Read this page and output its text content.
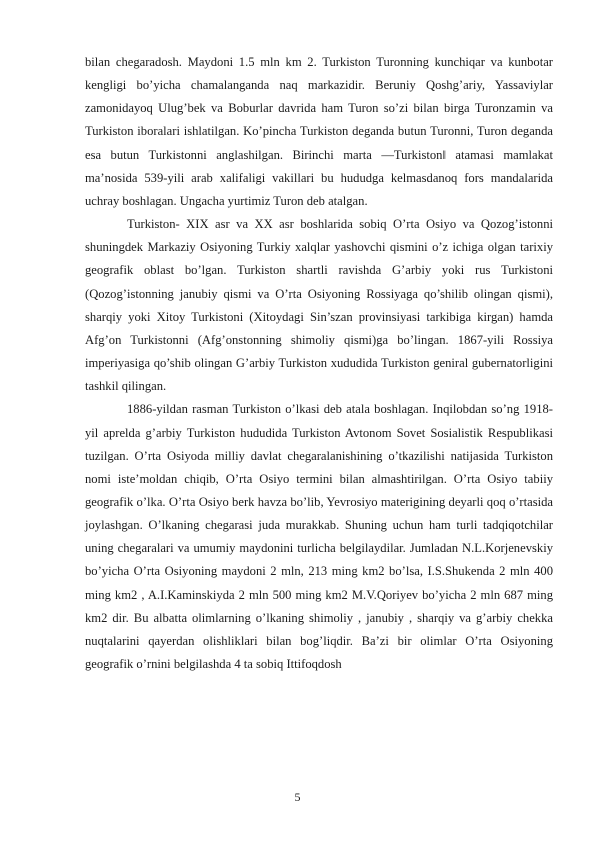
bilan chegaradosh. Maydoni 1.5 mln km 2. Turkiston Turonning kunchiqar va kunbotar kengligi bo’yicha chamalanganda naq markazidir. Beruniy Qoshg’ariy, Yassaviylar zamonidayoq Ulug’bek va Boburlar davrida ham Turon so’zi bilan birga Turonzamin va Turkiston iboralari ishlatilgan. Ko’pincha Turkiston deganda butun Turonni, Turon deganda esa butun Turkistonni anglashilgan. Birinchi marta ―Turkiston‖ atamasi mamlakat ma’nosida 539-yili arab xalifaligi vakillari bu hududga kelmasdanoq fors mandalarida uchray boshlagan. Ungacha yurtimiz Turon deb atalgan.

Turkiston- XIX asr va XX asr boshlarida sobiq O’rta Osiyo va Qozog’istonni shuningdek Markaziy Osiyoning Turkiy xalqlar yashovchi qismini o’z ichiga olgan tarixiy geografik oblast bo’lgan. Turkiston shartli ravishda G’arbiy yoki rus Turkistoni (Qozog’istonning janubiy qismi va O’rta Osiyoning Rossiyaga qo’shilib olingan qismi), sharqiy yoki Xitoy Turkistoni (Xitoydagi Sin’szan provinsiyasi tarkibiga kirgan) hamda Afg’on Turkistonni (Afg’onstonning shimoliy qismi)ga bo’lingan. 1867-yili Rossiya imperiyasiga qo’shib olingan G’arbiy Turkiston xududida Turkiston geniral gubernatorligini tashkil qilingan.

1886-yildan rasman Turkiston o’lkasi deb atala boshlagan. Inqilobdan so’ng 1918-yil aprelda g’arbiy Turkiston hududida Turkiston Avtonom Sovet Sosialistik Respublikasi tuzilgan. O’rta Osiyoda milliy davlat chegaralanishining o’tkazilishi natijasida Turkiston nomi iste’moldan chiqib, O’rta Osiyo termini bilan almashtirilgan. O’rta Osiyo tabiiy geografik o’lka. O’rta Osiyo berk havza bo’lib, Yevrosiyo materigining deyarli qoq o’rtasida joylashgan. O’lkaning chegarasi juda murakkab. Shuning uchun ham turli tadqiqotchilar uning chegaralari va umumiy maydonini turlicha belgilaydilar. Jumladan N.L.Korjenevskiy bo’yicha O’rta Osiyoning maydoni 2 mln, 213 ming km2 bo’lsa, I.S.Shukenda 2 mln 400 ming km2 , A.I.Kaminskiyda 2 mln 500 ming km2 M.V.Qoriyev bo’yicha 2 mln 687 ming km2 dir. Bu albatta olimlarning o’lkaning shimoliy , janubiy , sharqiy va g’arbiy chekka nuqtalarini qayerdan olishliklari bilan bog’liqdir. Ba’zi bir olimlar O’rta Osiyoning geografik o’rnini belgilashda 4 ta sobiq Ittifoqdosh

5
